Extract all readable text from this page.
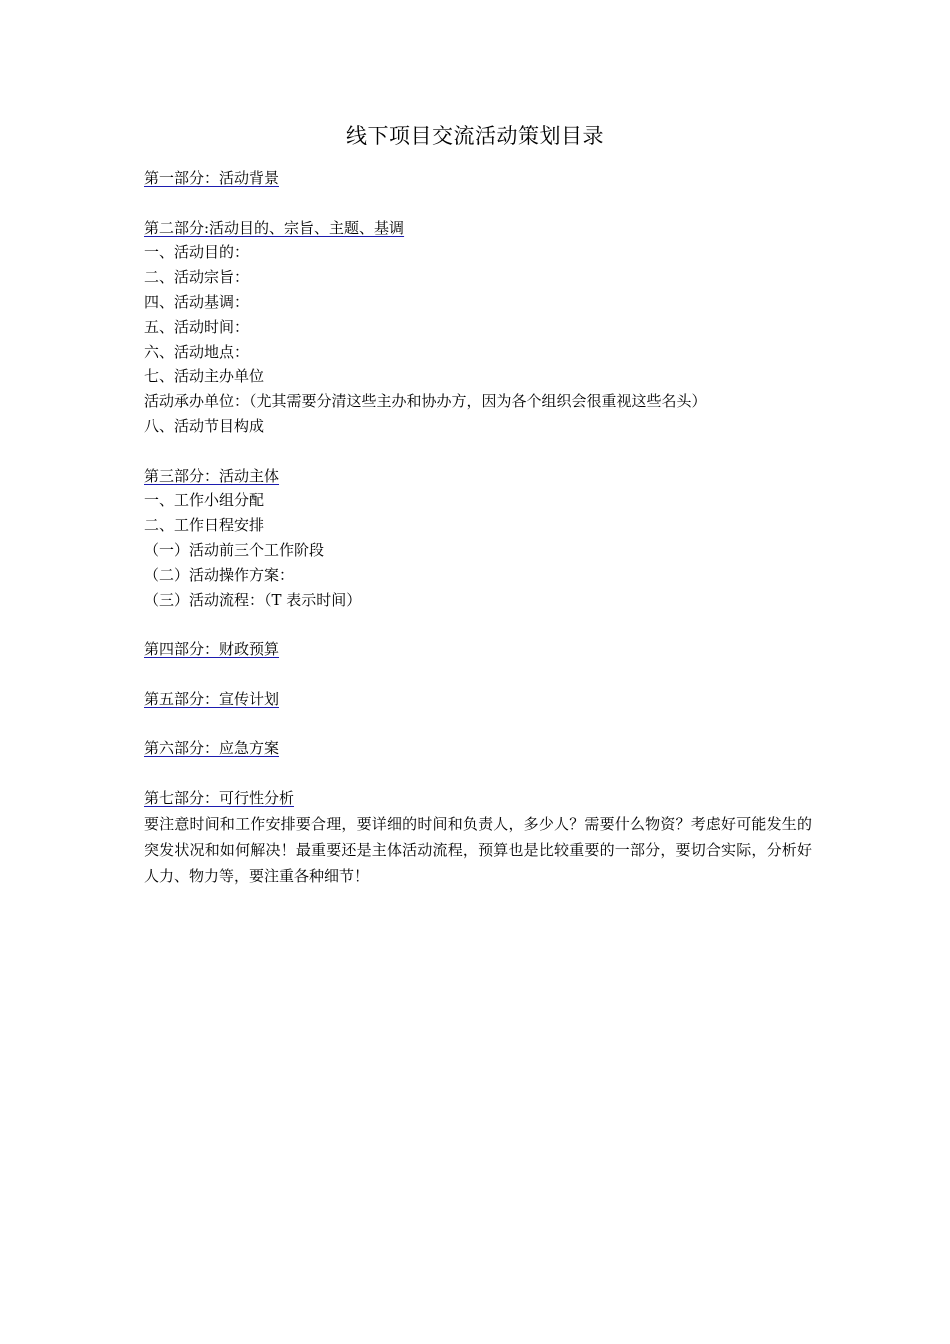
线下项目交流活动策划目录
第一部分：活动背景
第二部分:活动目的、宗旨、主题、基调
一、活动目的：
二、活动宗旨：
四、活动基调：
五、活动时间：
六、活动地点：
七、活动主办单位
活动承办单位：（尤其需要分清这些主办和协办方，因为各个组织会很重视这些名头）
八、活动节目构成
第三部分：活动主体
一、工作小组分配
二、工作日程安排
（一）活动前三个工作阶段
（二）活动操作方案：
（三）活动流程：（T 表示时间）
第四部分：财政预算
第五部分：宣传计划
第六部分：应急方案
第七部分：可行性分析
要注意时间和工作安排要合理，要详细的时间和负责人，多少人？需要什么物资？考虑好可能发生的突发状况和如何解决！最重要还是主体活动流程，预算也是比较重要的一部分，要切合实际，分析好人力、物力等，要注重各种细节！
